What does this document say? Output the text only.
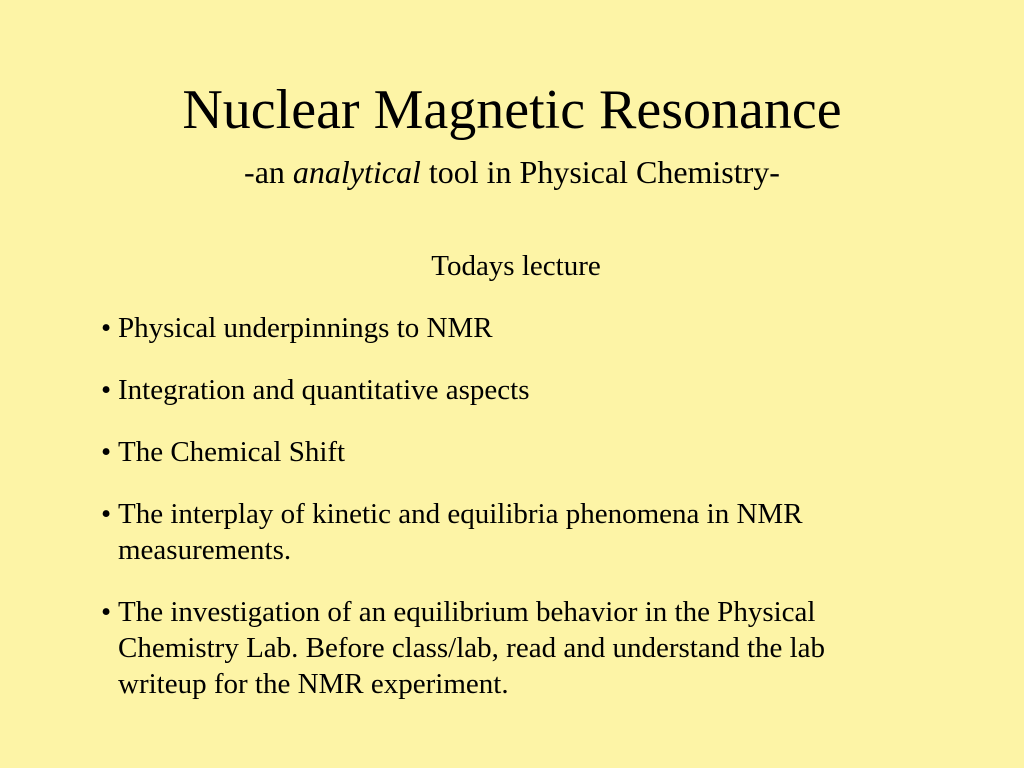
Nuclear Magnetic Resonance
-an analytical tool in Physical Chemistry-
Todays lecture
• Physical underpinnings to NMR
• Integration and quantitative aspects
• The Chemical Shift
• The interplay of kinetic and equilibria phenomena in NMR measurements.
• The investigation of an equilibrium behavior in the Physical Chemistry Lab. Before class/lab, read and understand the lab writeup for the NMR experiment.
